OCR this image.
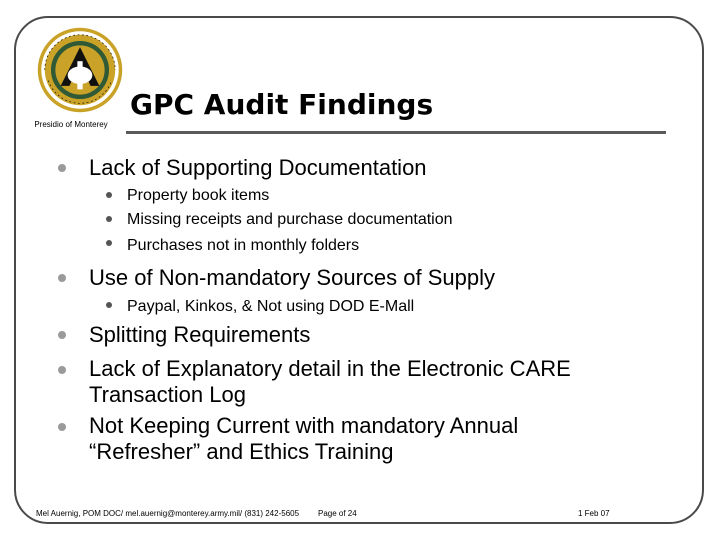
Presidio of Monterey
GPC Audit Findings
Lack of Supporting Documentation
Property book items
Missing receipts and purchase documentation
Purchases not in monthly folders
Use of Non-mandatory Sources of Supply
Paypal, Kinkos, & Not using DOD E-Mall
Splitting Requirements
Lack of Explanatory detail in the Electronic CARE
Transaction Log
Not Keeping Current with mandatory Annual
“Refresher” and Ethics Training
Mel Auernig, POM DOC/ mel.auernig@monterey.army.mil/ (831) 242-5605 Page of 24	1 Feb 07
